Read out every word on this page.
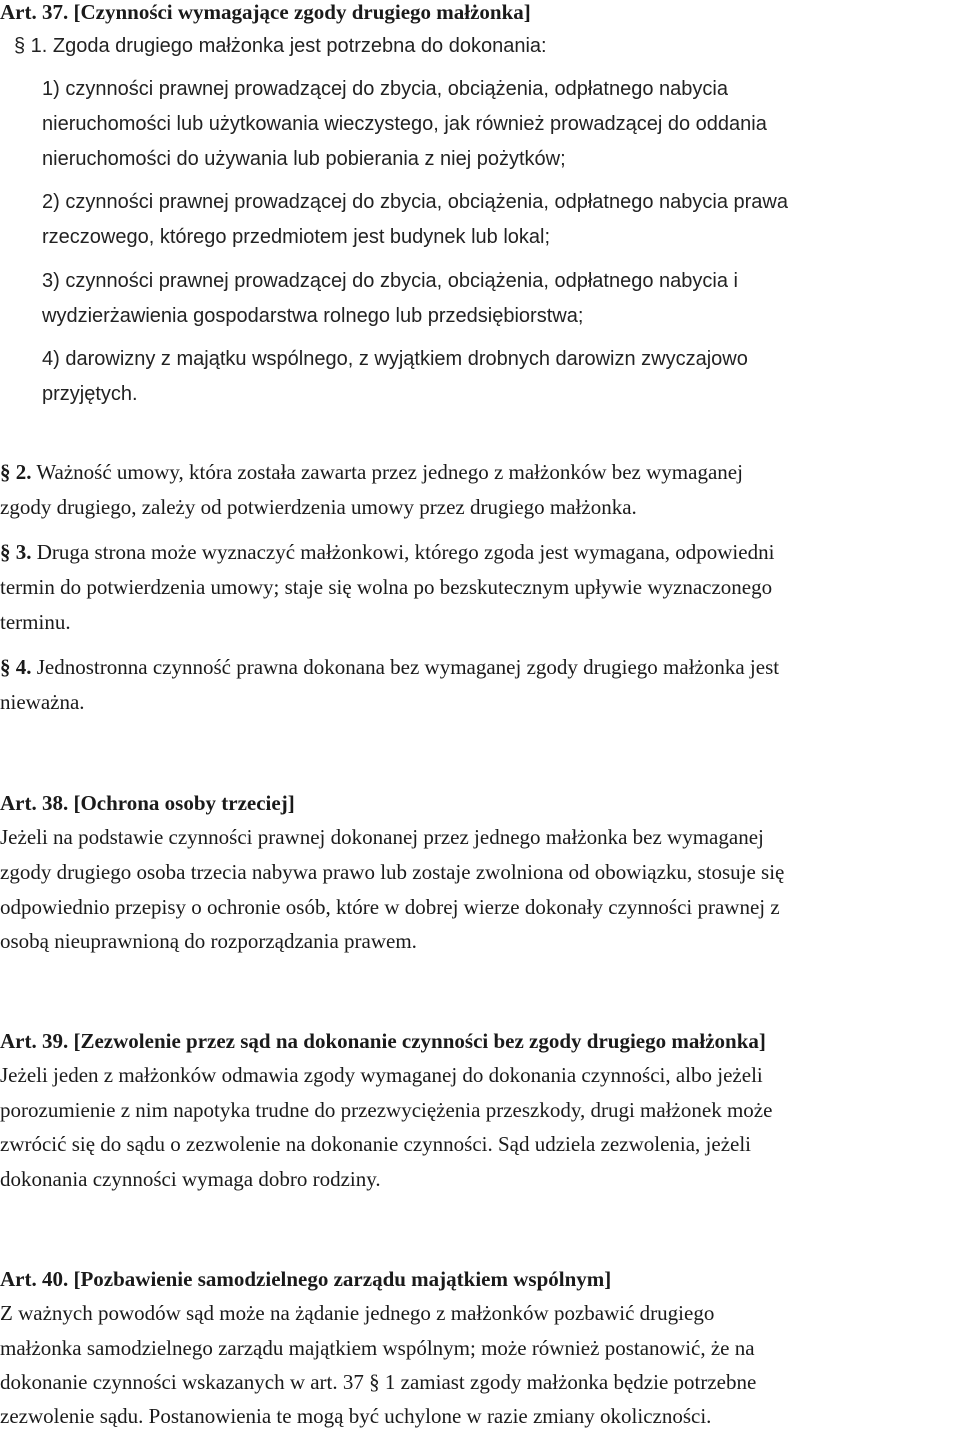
Art. 37. [Czynności wymagające zgody drugiego małżonka]
§ 1. Zgoda drugiego małżonka jest potrzebna do dokonania:
1) czynności prawnej prowadzącej do zbycia, obciążenia, odpłatnego nabycia
nieruchomości lub użytkowania wieczystego, jak również prowadzącej do oddania
nieruchomości do używania lub pobierania z niej pożytków;
2) czynności prawnej prowadzącej do zbycia, obciążenia, odpłatnego nabycia prawa
rzeczowego, którego przedmiotem jest budynek lub lokal;
3) czynności prawnej prowadzącej do zbycia, obciążenia, odpłatnego nabycia i
wydzierżawienia gospodarstwa rolnego lub przedsiębiorstwa;
4) darowizny z majątku wspólnego, z wyjątkiem drobnych darowizn zwyczajowo
przyjętych.
§ 2. Ważność umowy, która została zawarta przez jednego z małżonków bez wymaganej
zgody drugiego, zależy od potwierdzenia umowy przez drugiego małżonka.
§ 3. Druga strona może wyznaczyć małżonkowi, którego zgoda jest wymagana, odpowiedni
termin do potwierdzenia umowy; staje się wolna po bezskutecznym upływie wyznaczonego
terminu.
§ 4. Jednostronna czynność prawna dokonana bez wymaganej zgody drugiego małżonka jest
nieważna.
Art. 38. [Ochrona osoby trzeciej]
Jeżeli na podstawie czynności prawnej dokonanej przez jednego małżonka bez wymaganej
zgody drugiego osoba trzecia nabywa prawo lub zostaje zwolniona od obowiązku, stosuje się
odpowiednio przepisy o ochronie osób, które w dobrej wierze dokonały czynności prawnej z
osobą nieuprawnioną do rozporządzania prawem.
Art. 39. [Zezwolenie przez sąd na dokonanie czynności bez zgody drugiego małżonka]
Jeżeli jeden z małżonków odmawia zgody wymaganej do dokonania czynności, albo jeżeli
porozumienie z nim napotyka trudne do przezwyciężenia przeszkody, drugi małżonek może
zwrócić się do sądu o zezwolenie na dokonanie czynności. Sąd udziela zezwolenia, jeżeli
dokonania czynności wymaga dobro rodziny.
Art. 40. [Pozbawienie samodzielnego zarządu majątkiem wspólnym]
Z ważnych powodów sąd może na żądanie jednego z małżonków pozbawić drugiego
małżonka samodzielnego zarządu majątkiem wspólnym; może również postanowić, że na
dokonanie czynności wskazanych w art. 37 § 1 zamiast zgody małżonka będzie potrzebne
zezwolenie sądu. Postanowienia te mogą być uchylone w razie zmiany okoliczności.
